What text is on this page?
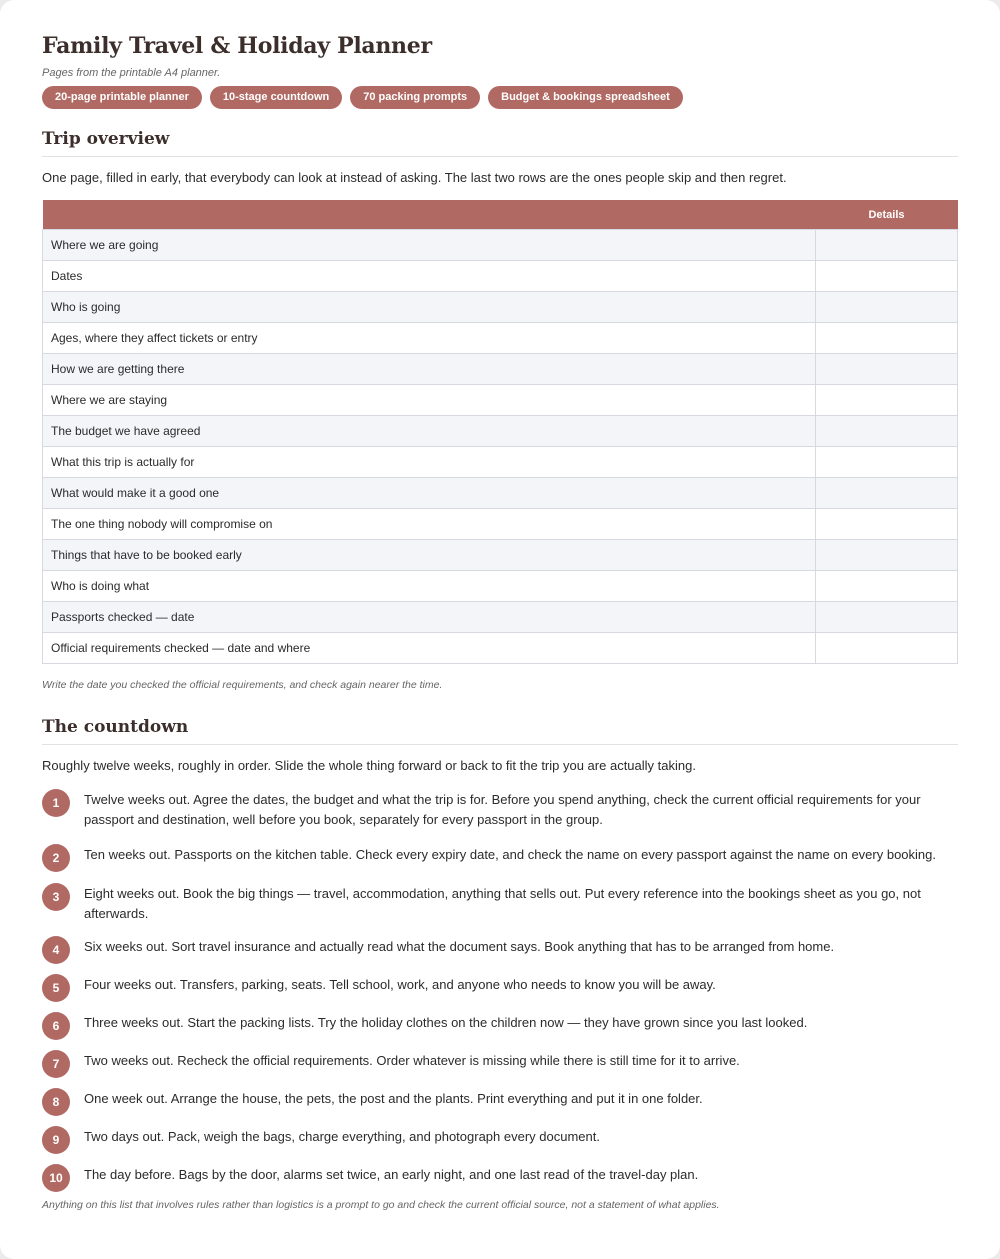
Family Travel & Holiday Planner

Pages from the printable A4 planner.

20-page printable planner	10-stage countdown	70 packing prompts	Budget & bookings spreadsheet
Trip overview

One page, filled in early, that everybody can look at instead of asking. The last two rows are the ones people skip and then regret.

	Details
Where we are going	
Dates	
Who is going	
Ages, where they affect tickets or entry	
How we are getting there	
Where we are staying	
The budget we have agreed	
What this trip is actually for	
What would make it a good one	
The one thing nobody will compromise on	
Things that have to be booked early	
Who is doing what	
Passports checked — date	
Official requirements checked — date and where	

Write the date you checked the official requirements, and check again nearer the time.

The countdown

Roughly twelve weeks, roughly in order. Slide the whole thing forward or back to fit the trip you are actually taking.

1	Twelve weeks out. Agree the dates, the budget and what the trip is for. Before you spend anything, check the current official requirements for your passport and destination, well before you book, separately for every passport in the group.
2	Ten weeks out. Passports on the kitchen table. Check every expiry date, and check the name on every passport against the name on every booking.
3	Eight weeks out. Book the big things — travel, accommodation, anything that sells out. Put every reference into the bookings sheet as you go, not afterwards.
4	Six weeks out. Sort travel insurance and actually read what the document says. Book anything that has to be arranged from home.
5	Four weeks out. Transfers, parking, seats. Tell school, work, and anyone who needs to know you will be away.
6	Three weeks out. Start the packing lists. Try the holiday clothes on the children now — they have grown since you last looked.
7	Two weeks out. Recheck the official requirements. Order whatever is missing while there is still time for it to arrive.
8	One week out. Arrange the house, the pets, the post and the plants. Print everything and put it in one folder.
9	Two days out. Pack, weigh the bags, charge everything, and photograph every document.
10	The day before. Bags by the door, alarms set twice, an early night, and one last read of the travel-day plan.

Anything on this list that involves rules rather than logistics is a prompt to go and check the current official source, not a statement of what applies.
